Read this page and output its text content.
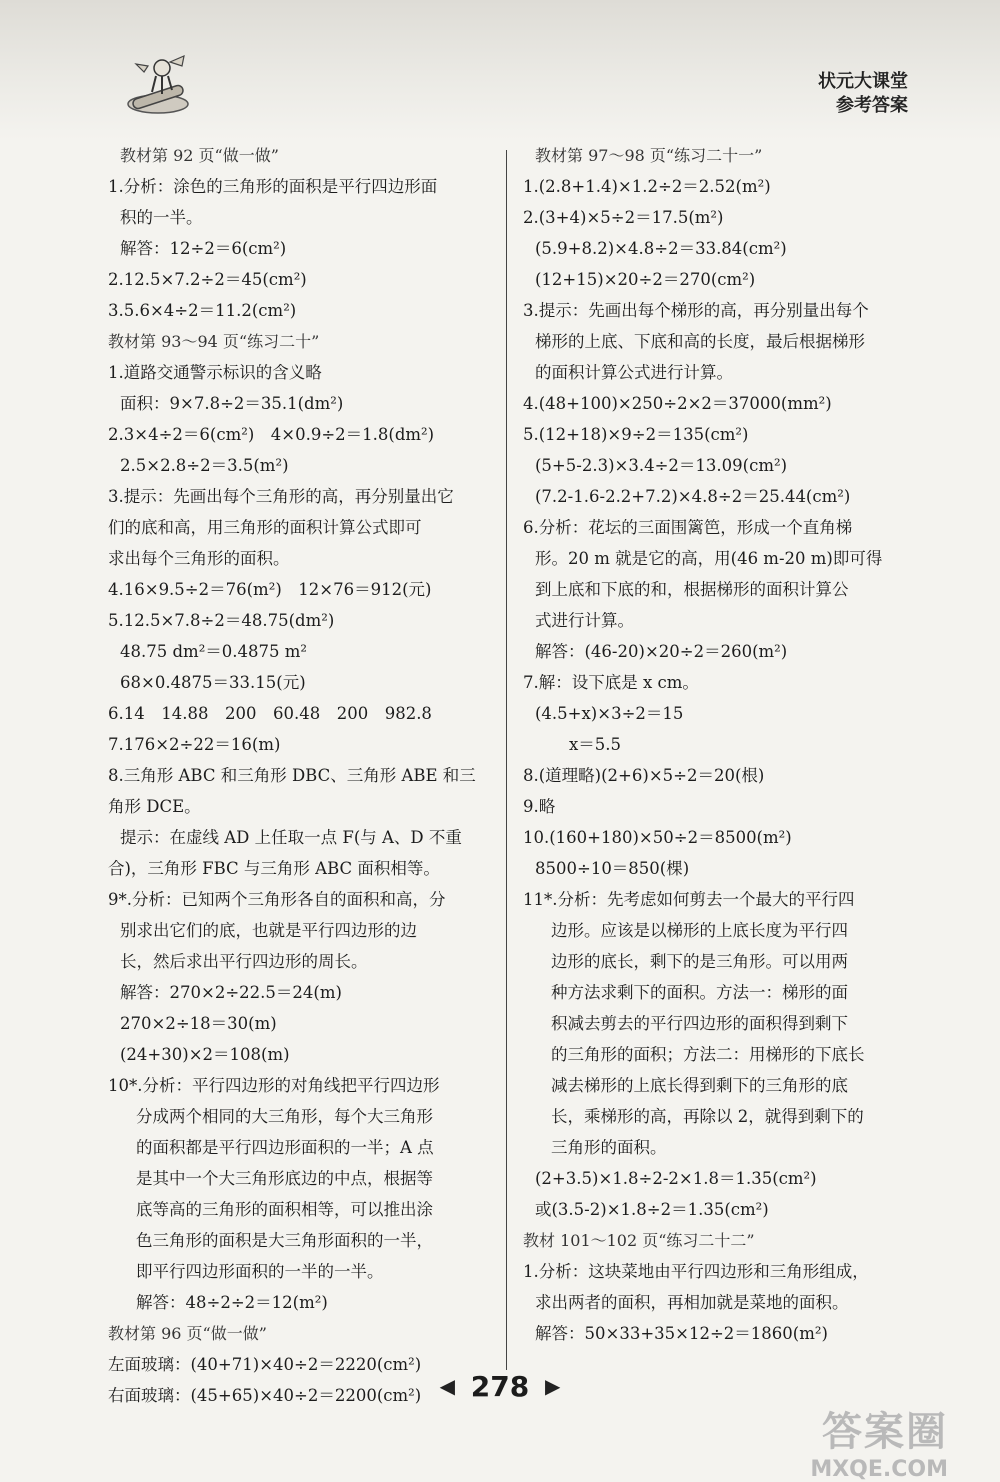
状元大课堂
参考答案
教材第 92 页“做一做”
1.分析：涂色的三角形的面积是平行四边形面
积的一半。
解答：12÷2＝6(cm²)
2.12.5×7.2÷2＝45(cm²)
3.5.6×4÷2＝11.2(cm²)
教材第 93～94 页“练习二十”
1.道路交通警示标识的含义略
面积：9×7.8÷2＝35.1(dm²)
2.3×4÷2＝6(cm²)　4×0.9÷2＝1.8(dm²)
2.5×2.8÷2＝3.5(m²)
3.提示：先画出每个三角形的高，再分别量出它
们的底和高，用三角形的面积计算公式即可
求出每个三角形的面积。
4.16×9.5÷2＝76(m²)　12×76＝912(元)
5.12.5×7.8÷2＝48.75(dm²)
48.75 dm²＝0.4875 m²
68×0.4875＝33.15(元)
6.14　14.88　200　60.48　200　982.8
7.176×2÷22＝16(m)
8.三角形 ABC 和三角形 DBC、三角形 ABE 和三
角形 DCE。
提示：在虚线 AD 上任取一点 F(与 A、D 不重
合)，三角形 FBC 与三角形 ABC 面积相等。
9*.分析：已知两个三角形各自的面积和高，分
别求出它们的底，也就是平行四边形的边
长，然后求出平行四边形的周长。
解答：270×2÷22.5＝24(m)
270×2÷18＝30(m)
(24+30)×2＝108(m)
10*.分析：平行四边形的对角线把平行四边形
分成两个相同的大三角形，每个大三角形
的面积都是平行四边形面积的一半；A 点
是其中一个大三角形底边的中点，根据等
底等高的三角形的面积相等，可以推出涂
色三角形的面积是大三角形面积的一半，
即平行四边形面积的一半的一半。
解答：48÷2÷2＝12(m²)
教材第 96 页“做一做”
左面玻璃：(40+71)×40÷2＝2220(cm²)
右面玻璃：(45+65)×40÷2＝2200(cm²)
教材第 97～98 页“练习二十一”
1.(2.8+1.4)×1.2÷2＝2.52(m²)
2.(3+4)×5÷2＝17.5(m²)
(5.9+8.2)×4.8÷2＝33.84(cm²)
(12+15)×20÷2＝270(cm²)
3.提示：先画出每个梯形的高，再分别量出每个
梯形的上底、下底和高的长度，最后根据梯形
的面积计算公式进行计算。
4.(48+100)×250÷2×2＝37000(mm²)
5.(12+18)×9÷2＝135(cm²)
(5+5-2.3)×3.4÷2＝13.09(cm²)
(7.2-1.6-2.2+7.2)×4.8÷2＝25.44(cm²)
6.分析：花坛的三面围篱笆，形成一个直角梯
形。20 m 就是它的高，用(46 m-20 m)即可得
到上底和下底的和，根据梯形的面积计算公
式进行计算。
解答：(46-20)×20÷2＝260(m²)
7.解：设下底是 x cm。
(4.5+x)×3÷2＝15
x＝5.5
8.(道理略)(2+6)×5÷2＝20(根)
9.略
10.(160+180)×50÷2＝8500(m²)
8500÷10＝850(棵)
11*.分析：先考虑如何剪去一个最大的平行四
边形。应该是以梯形的上底长度为平行四
边形的底长，剩下的是三角形。可以用两
种方法求剩下的面积。方法一：梯形的面
积减去剪去的平行四边形的面积得到剩下
的三角形的面积；方法二：用梯形的下底长
减去梯形的上底长得到剩下的三角形的底
长，乘梯形的高，再除以 2，就得到剩下的
三角形的面积。
(2+3.5)×1.8÷2-2×1.8＝1.35(cm²)
或(3.5-2)×1.8÷2＝1.35(cm²)
教材 101～102 页“练习二十二”
1.分析：这块菜地由平行四边形和三角形组成，
求出两者的面积，再相加就是菜地的面积。
解答：50×33+35×12÷2＝1860(m²)
◀ 278 ▶
答案圈
MXQE.COM
